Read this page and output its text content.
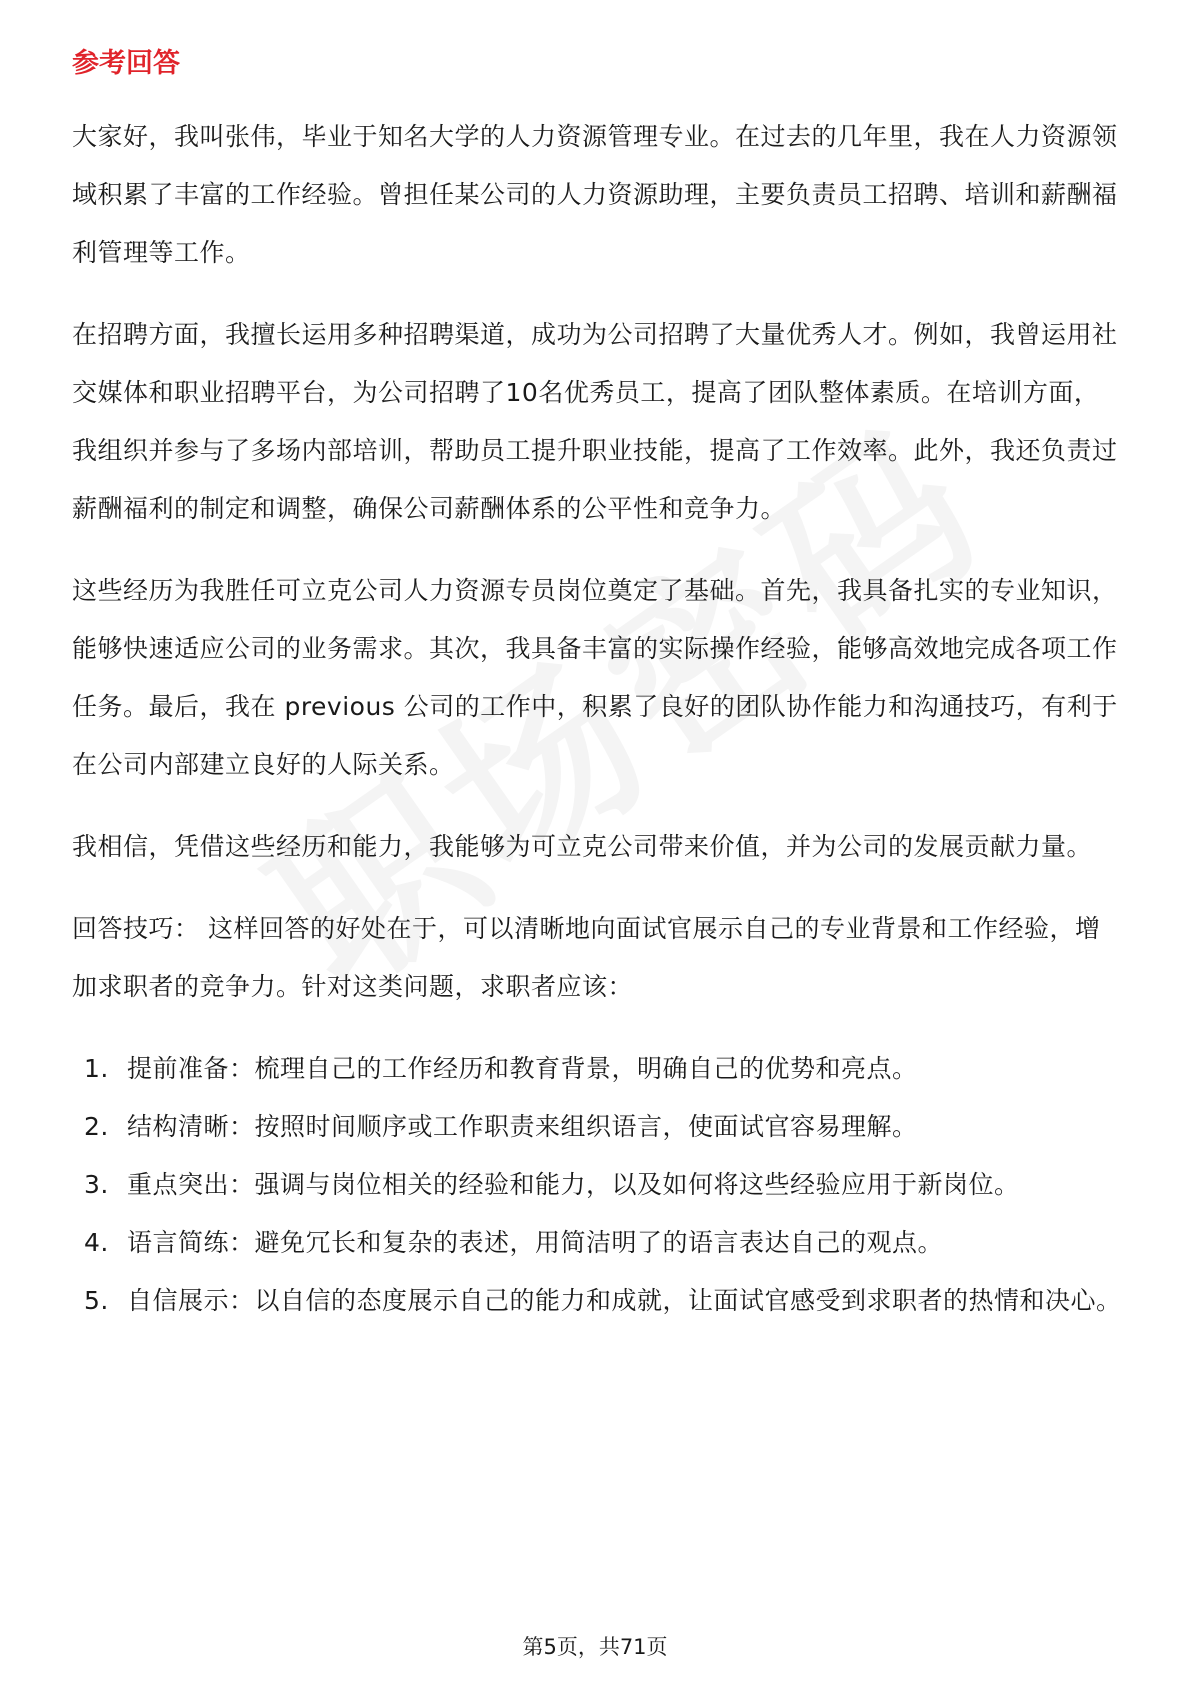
参考回答

大家好，我叫张伟，毕业于知名大学的人力资源管理专业。在过去的几年里，我在人力资源领域积累了丰富的工作经验。曾担任某公司的人力资源助理，主要负责员工招聘、培训和薪酬福利管理等工作。

在招聘方面，我擅长运用多种招聘渠道，成功为公司招聘了大量优秀人才。例如，我曾运用社交媒体和职业招聘平台，为公司招聘了10名优秀员工，提高了团队整体素质。在培训方面，我组织并参与了多场内部培训，帮助员工提升职业技能，提高了工作效率。此外，我还负责过薪酬福利的制定和调整，确保公司薪酬体系的公平性和竞争力。

这些经历为我胜任可立克公司人力资源专员岗位奠定了基础。首先，我具备扎实的专业知识，能够快速适应公司的业务需求。其次，我具备丰富的实际操作经验，能够高效地完成各项工作任务。最后，我在 previous 公司的工作中，积累了良好的团队协作能力和沟通技巧，有利于在公司内部建立良好的人际关系。

我相信，凭借这些经历和能力，我能够为可立克公司带来价值，并为公司的发展贡献力量。

回答技巧： 这样回答的好处在于，可以清晰地向面试官展示自己的专业背景和工作经验，增加求职者的竞争力。针对这类问题，求职者应该：

1. 提前准备：梳理自己的工作经历和教育背景，明确自己的优势和亮点。
2. 结构清晰：按照时间顺序或工作职责来组织语言，使面试官容易理解。
3. 重点突出：强调与岗位相关的经验和能力，以及如何将这些经验应用于新岗位。
4. 语言简练：避免冗长和复杂的表述，用简洁明了的语言表达自己的观点。
5. 自信展示：以自信的态度展示自己的能力和成就，让面试官感受到求职者的热情和决心。
第5页，共71页
